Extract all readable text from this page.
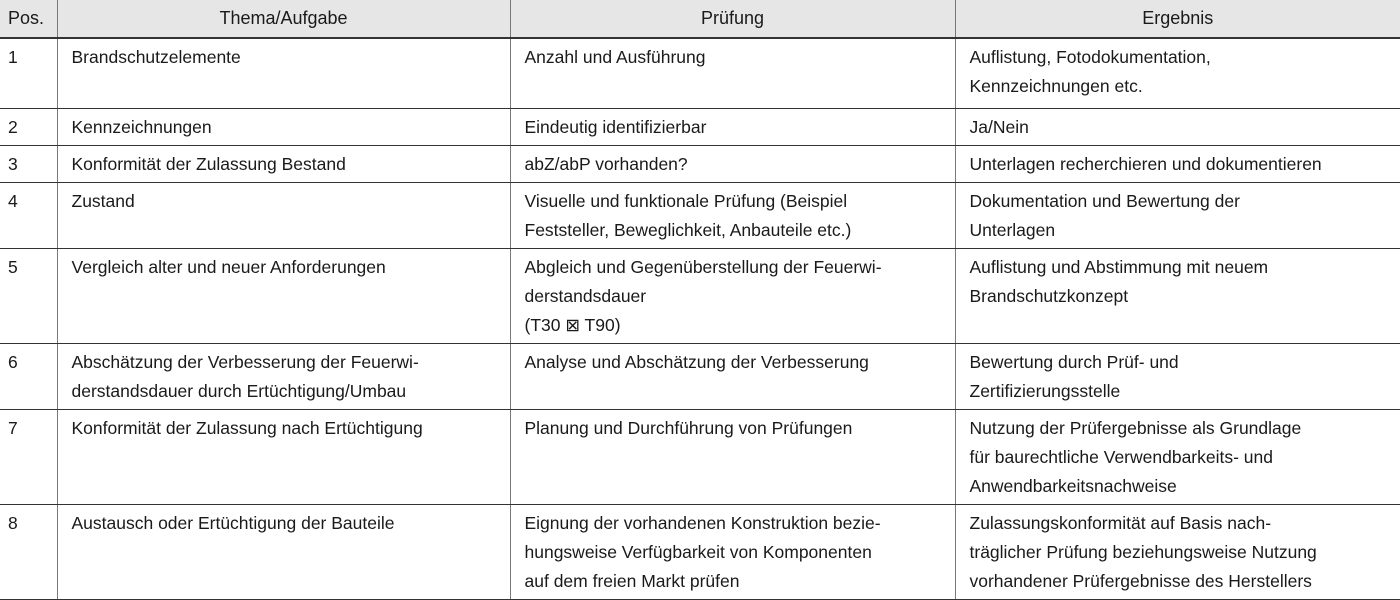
Pos.	Thema/Aufgabe	Prüfung	Ergebnis
1	Brandschutzelemente	Anzahl und Ausführung	Auflistung, Fotodokumentation,
Kennzeichnungen etc.
2	Kennzeichnungen	Eindeutig identifizierbar	Ja/Nein
3	Konformität der Zulassung Bestand	abZ/abP vorhanden?	Unterlagen recherchieren und dokumentieren
4	Zustand	Visuelle und funktionale Prüfung (Beispiel
Feststeller, Beweglichkeit, Anbauteile etc.)	Dokumentation und Bewertung der
Unterlagen
5	Vergleich alter und neuer Anforderungen	Abgleich und Gegenüberstellung der Feuerwi-
derstandsdauer
(T30 ⊠ T90)	Auflistung und Abstimmung mit neuem
Brandschutzkonzept
6	Abschätzung der Verbesserung der Feuerwi-
derstandsdauer durch Ertüchtigung/Umbau	Analyse und Abschätzung der Verbesserung	Bewertung durch Prüf- und
Zertifizierungsstelle
7	Konformität der Zulassung nach Ertüchtigung	Planung und Durchführung von Prüfungen	Nutzung der Prüfergebnisse als Grundlage
für baurechtliche Verwendbarkeits- und
Anwendbarkeitsnachweise
8	Austausch oder Ertüchtigung der Bauteile	Eignung der vorhandenen Konstruktion bezie-
hungsweise Verfügbarkeit von Komponenten
auf dem freien Markt prüfen	Zulassungskonformität auf Basis nach-
träglicher Prüfung beziehungsweise Nutzung
vorhandener Prüfergebnisse des Herstellers
